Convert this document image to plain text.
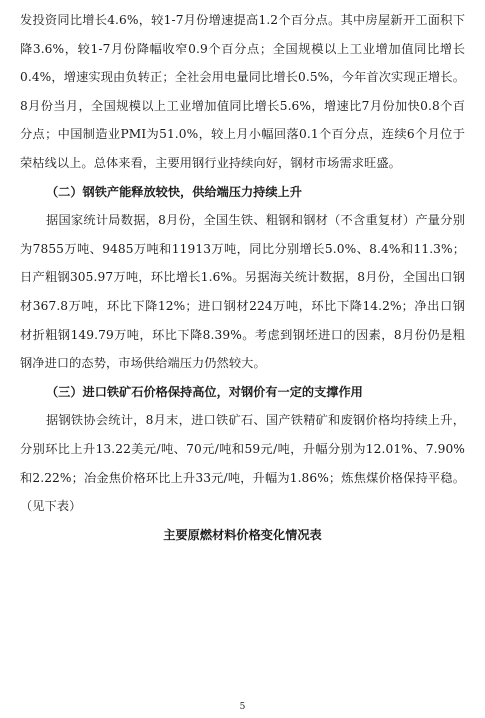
发投资同比增长4.6%，较1-7月份增速提高1.2个百分点。其中房屋新开工面积下降3.6%，较1-7月份降幅收窄0.9个百分点；全国规模以上工业增加值同比增长0.4%，增速实现由负转正；全社会用电量同比增长0.5%，今年首次实现正增长。8月份当月，全国规模以上工业增加值同比增长5.6%，增速比7月份加快0.8个百分点；中国制造业PMI为51.0%，较上月小幅回落0.1个百分点，连续6个月位于荣枯线以上。总体来看，主要用钢行业持续向好，钢材市场需求旺盛。

（二）钢铁产能释放较快，供给端压力持续上升

据国家统计局数据，8月份，全国生铁、粗钢和钢材（不含重复材）产量分别为7855万吨、9485万吨和11913万吨，同比分别增长5.0%、8.4%和11.3%；日产粗钢305.97万吨，环比增长1.6%。另据海关统计数据，8月份，全国出口钢材367.8万吨，环比下降12%；进口钢材224万吨，环比下降14.2%；净出口钢材折粗钢149.79万吨，环比下降8.39%。考虑到钢坯进口的因素，8月份仍是粗钢净进口的态势，市场供给端压力仍然较大。

（三）进口铁矿石价格保持高位，对钢价有一定的支撑作用

据钢铁协会统计，8月末，进口铁矿石、国产铁精矿和废钢价格均持续上升，分别环比上升13.22美元/吨、70元/吨和59元/吨，升幅分别为12.01%、7.90%和2.22%；冶金焦价格环比上升33元/吨，升幅为1.86%；炼焦煤价格保持平稳。（见下表）

主要原燃材料价格变化情况表

5
